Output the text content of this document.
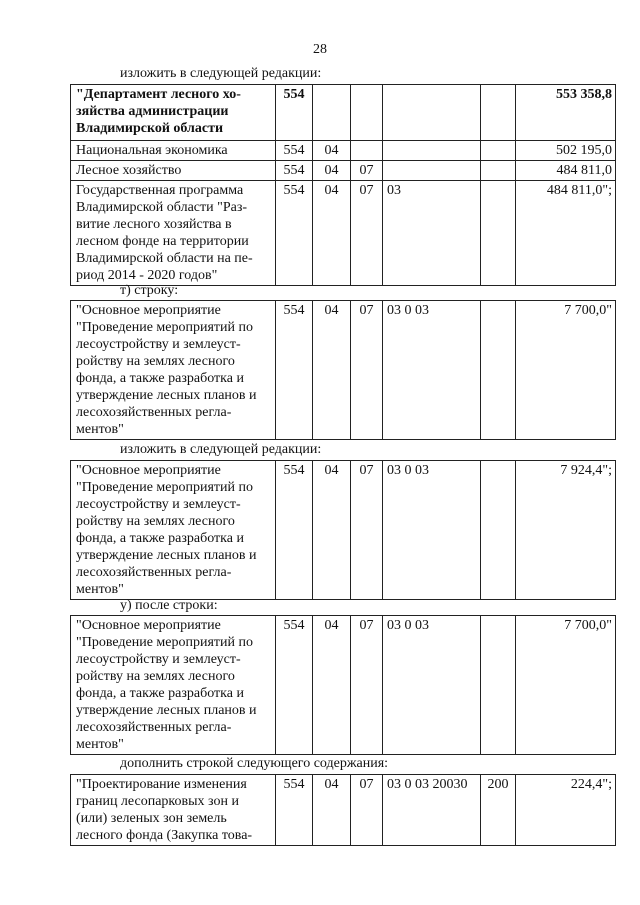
28
изложить в следующей редакции:
"Департамент лесного хо-зяйства администрации Владимирской области	554					553 358,8
Национальная экономика	554	04				502 195,0
Лесное хозяйство	554	04	07			484 811,0
Государственная программа Владимирской области "Раз-витие лесного хозяйства в лесном фонде на территории Владимирской области на пе-риод 2014 - 2020 годов"	554	04	07	03		484 811,0";
т) строку:
"Основное мероприятие "Проведение мероприятий по лесоустройству и землеуст-ройству на землях лесного фонда, а также разработка и утверждение лесных планов и лесохозяйственных регла-ментов"	554	04	07	03 0 03		7 700,0"
изложить в следующей редакции:
"Основное мероприятие "Проведение мероприятий по лесоустройству и землеуст-ройству на землях лесного фонда, а также разработка и утверждение лесных планов и лесохозяйственных регла-ментов"	554	04	07	03 0 03		7 924,4";
у) после строки:
"Основное мероприятие "Проведение мероприятий по лесоустройству и землеуст-ройству на землях лесного фонда, а также разработка и утверждение лесных планов и лесохозяйственных регла-ментов"	554	04	07	03 0 03		7 700,0"
дополнить строкой следующего содержания:
"Проектирование изменения границ лесопарковых зон и (или) зеленых зон земель лесного фонда (Закупка това-	554	04	07	03 0 03 20030	200	224,4";
